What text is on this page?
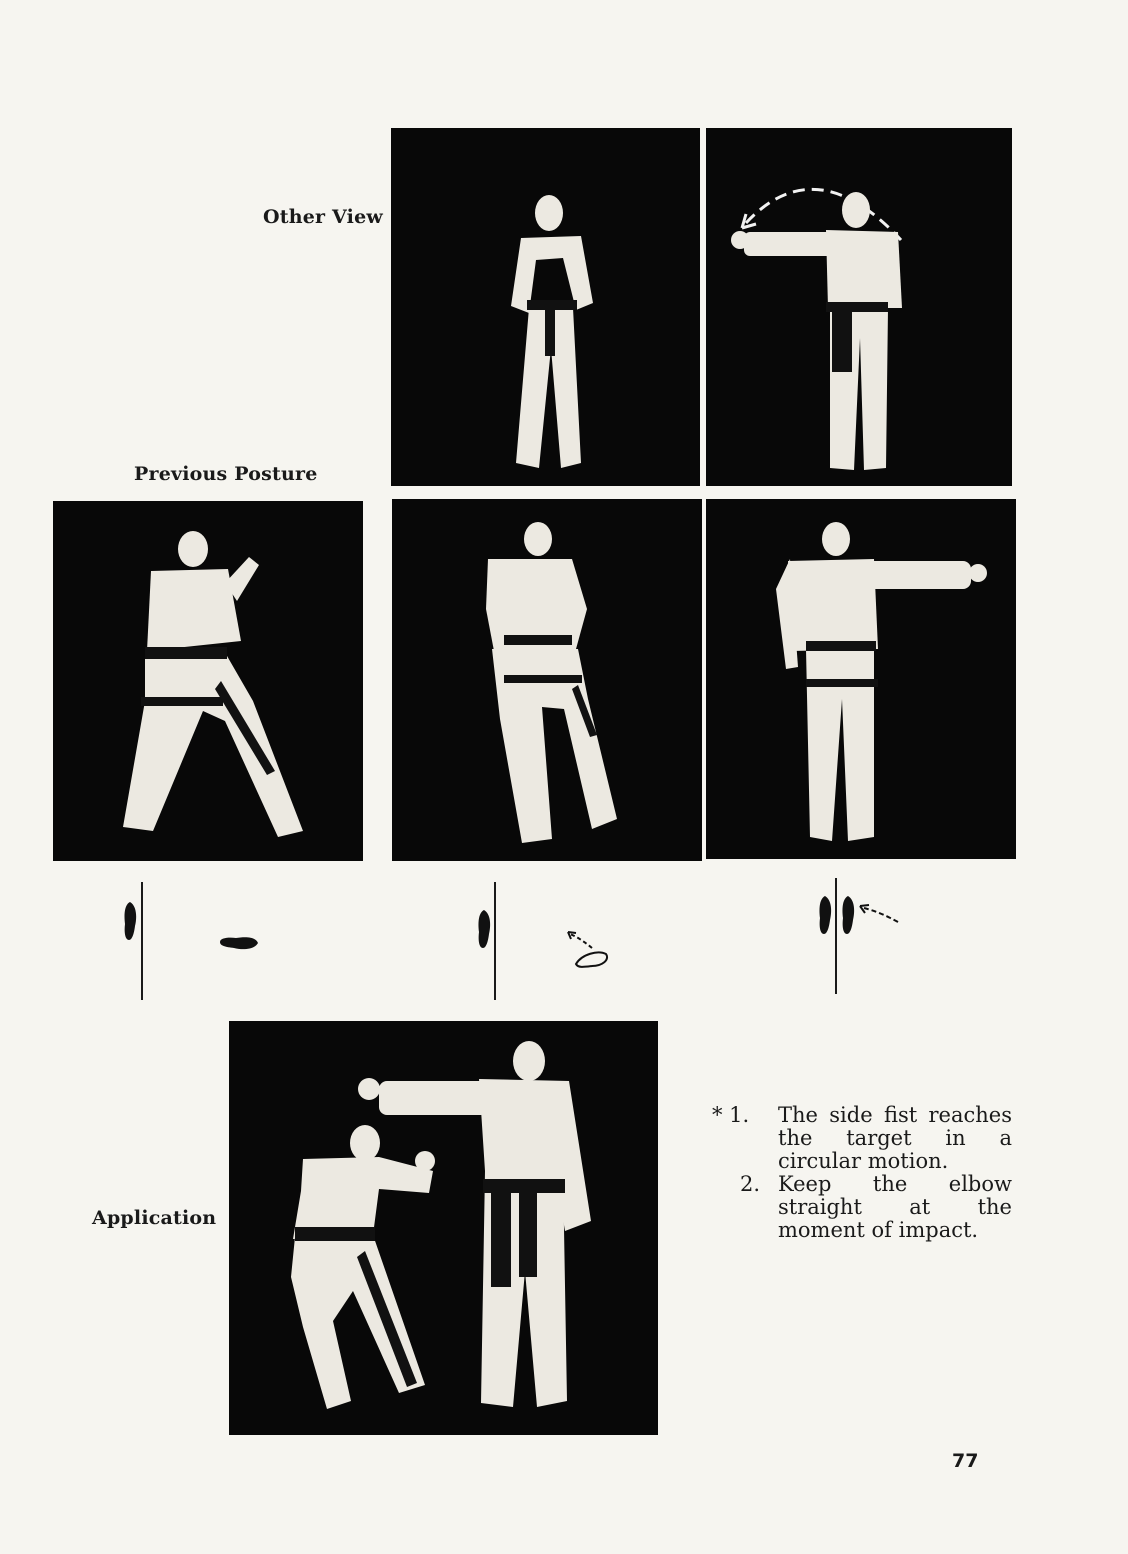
Other View
Previous Posture
Application
* 1.	The side fist reaches the target in a circular motion.
2. Keep the elbow straight at the moment of impact.
77
